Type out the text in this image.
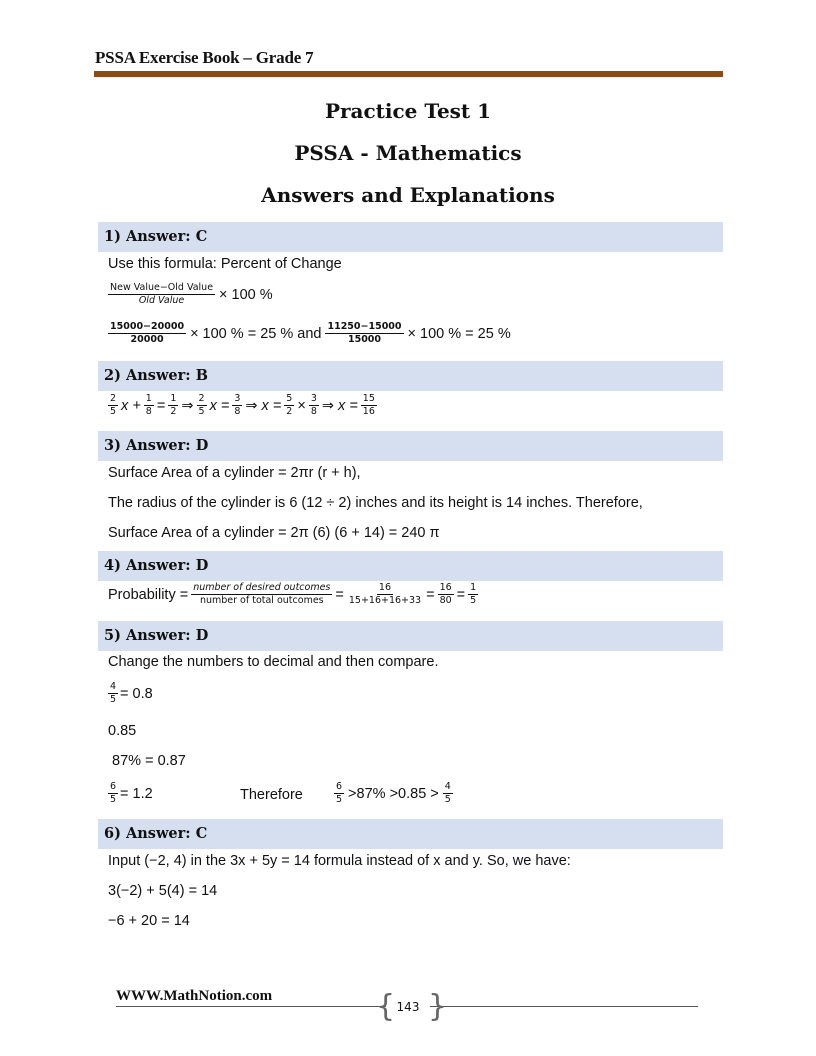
PSSA Exercise Book – Grade 7
Practice Test 1
PSSA - Mathematics
Answers and Explanations
1) Answer: C
Use this formula: Percent of Change
$\frac{\text{New Value−Old Value}}{\text{Old Value}} \times 100$ %
$\frac{15000-20000}{20000} \times 100$ % = 25 % and $\frac{11250-15000}{15000} \times 100$ % = 25 %
2) Answer: B
$\frac{2}{5}$ $x + \frac{1}{8} = \frac{1}{2}$ ⇒ $\frac{2}{5}$ $x = \frac{3}{8}$ ⇒ $x = \frac{5}{2} \times \frac{3}{8}$ ⇒ $x = \frac{15}{16}$
3) Answer: D
Surface Area of a cylinder = 2πr (r + h),
The radius of the cylinder is 6 (12 ÷ 2) inches and its height is 14 inches. Therefore,
Surface Area of a cylinder = 2π (6) (6 + 14) = 240 π
4) Answer: D
Probability = $\frac{\text{number of desired outcomes}}{\text{number of total outcomes}} = \frac{16}{15+16+16+33} = \frac{16}{80} = \frac{1}{5}$
5) Answer: D
Change the numbers to decimal and then compare.
$\frac{4}{5} = 0.8$
0.85
87% = 0.87
$\frac{6}{5} = 1.2$	Therefore	$\frac{6}{5} >87\% >0.85 > \frac{4}{5}$
6) Answer: C
Input (−2, 4) in the 3x + 5y = 14 formula instead of x and y. So, we have:
3(−2) + 5(4) = 14
−6 + 20 = 14
WWW.MathNotion.com
143
{ }
